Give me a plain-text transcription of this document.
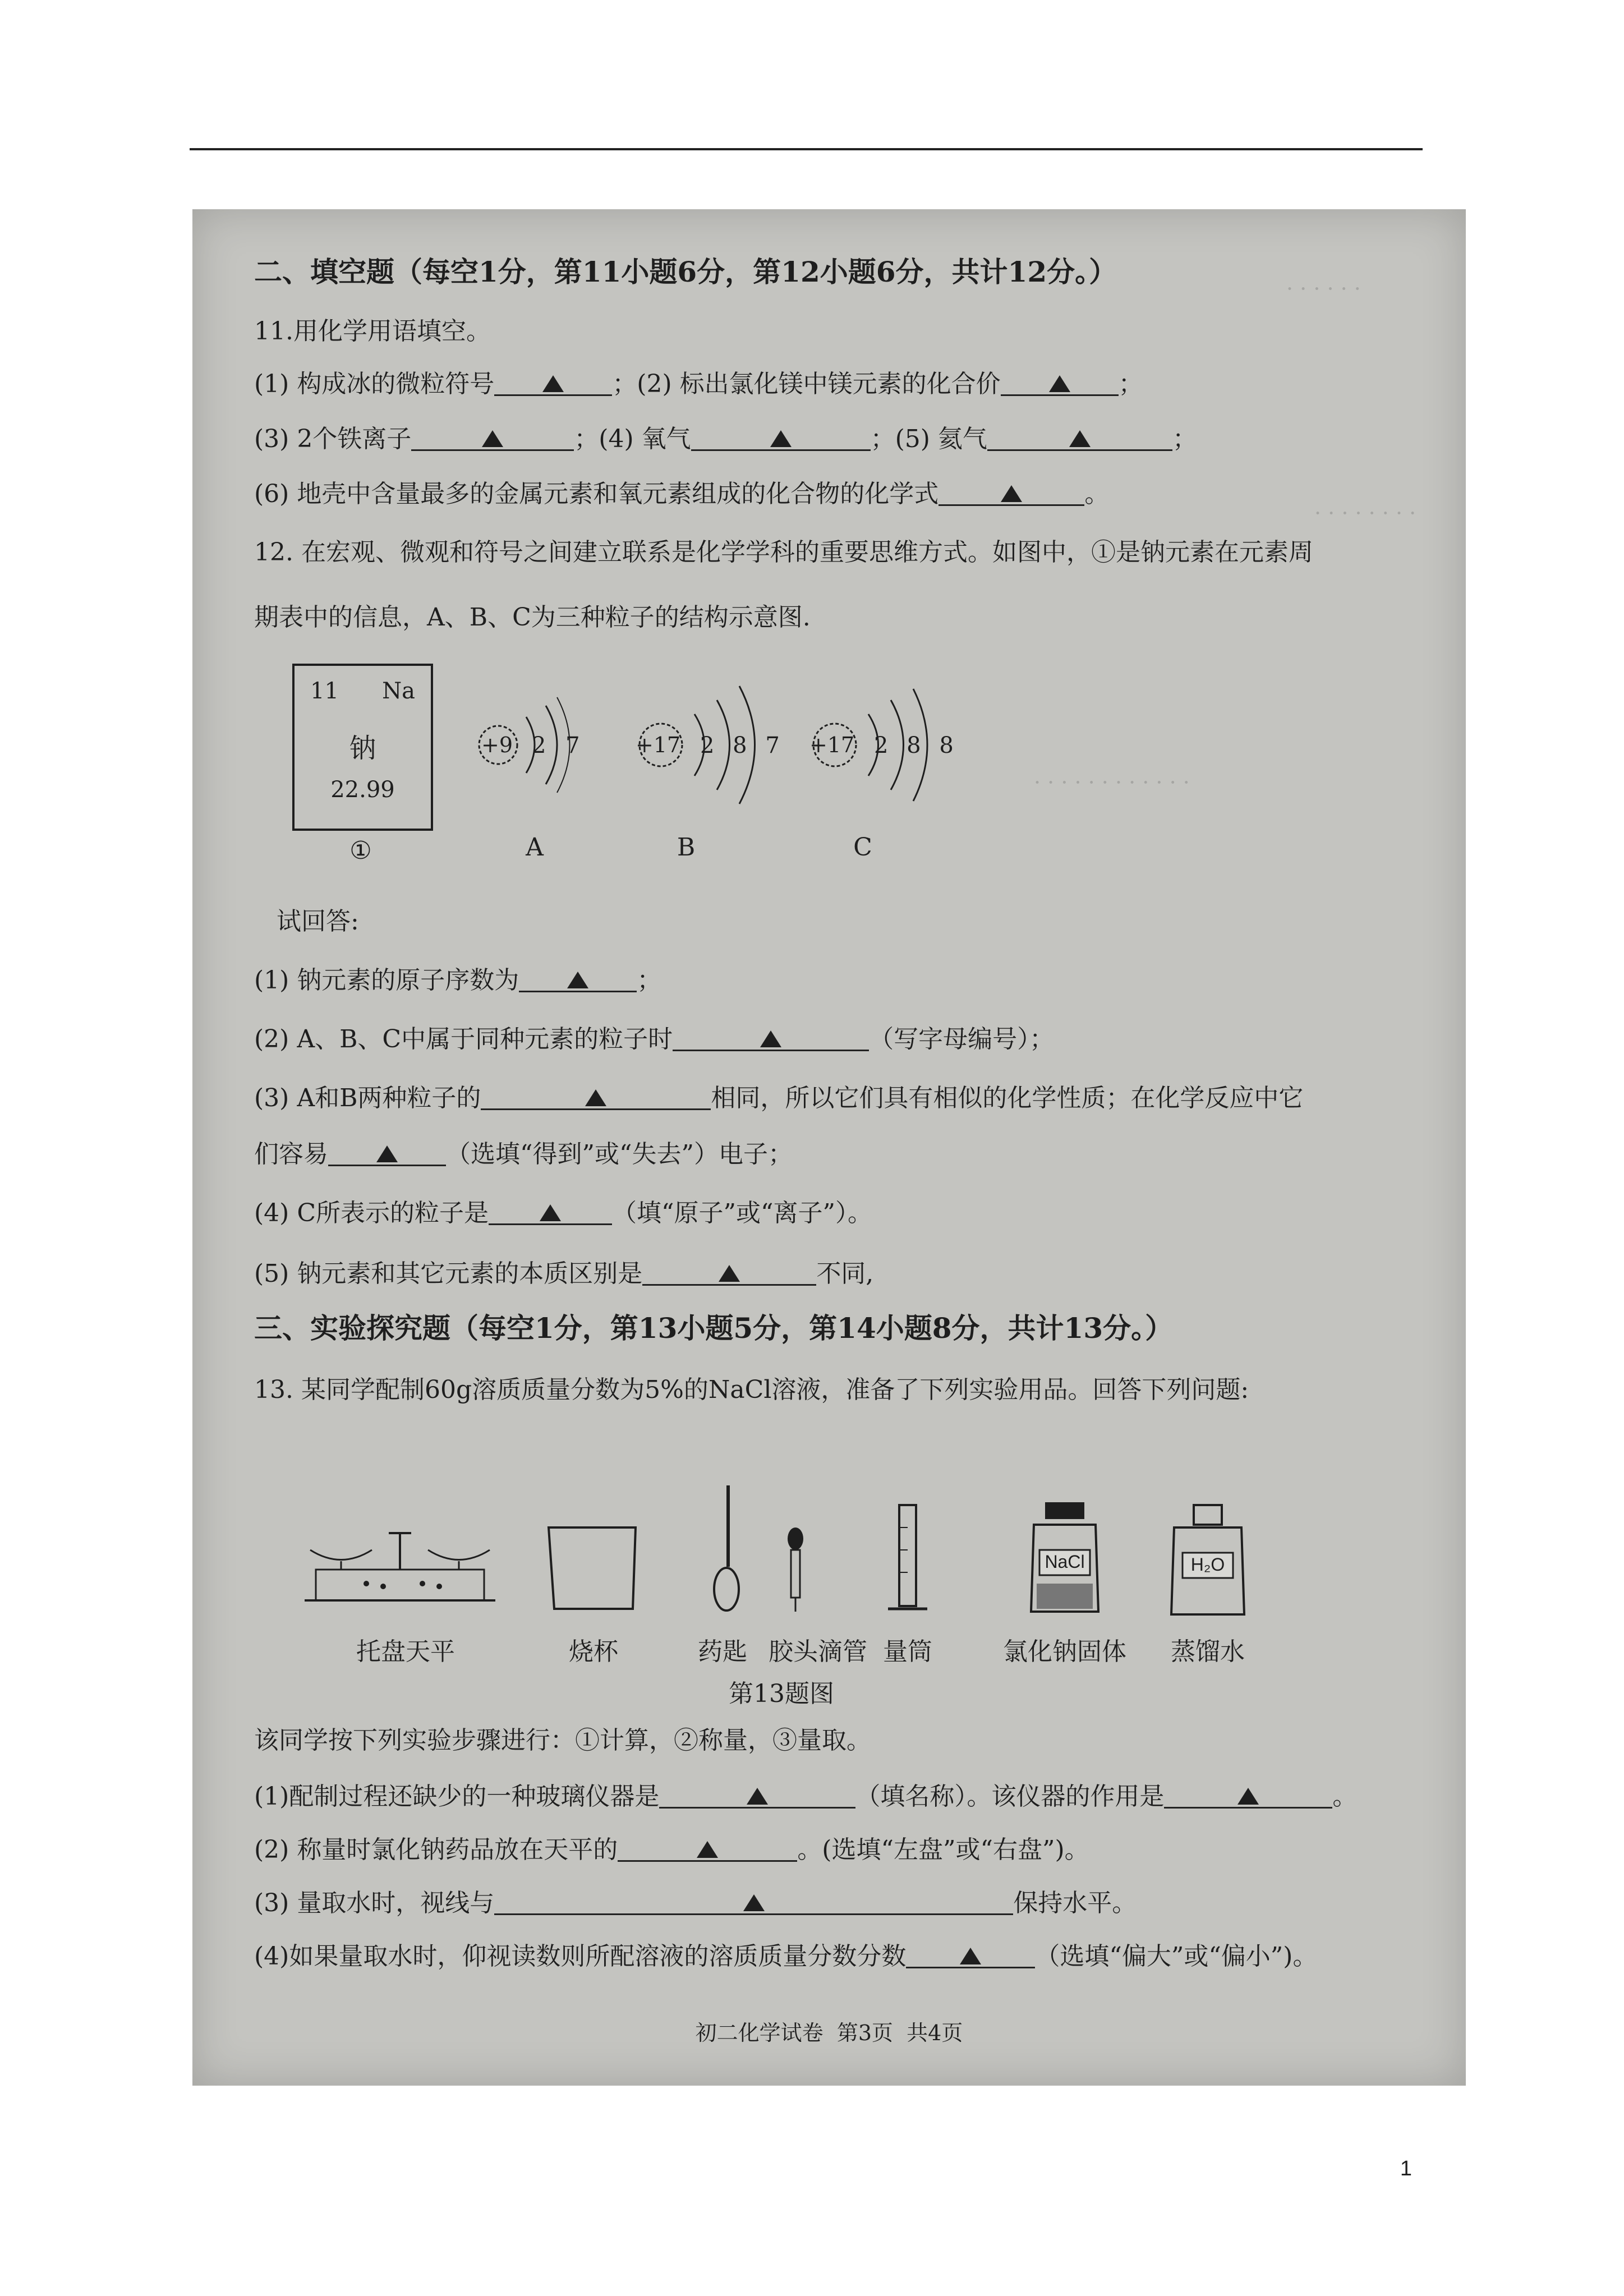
· · · · · ·
· · · · · · · ·
· · · · · · · · · · · ·
二、填空题（每空1分，第11小题6分，第12小题6分，共计12分。）
11.用化学用语填空。
(1) 构成冰的微粒符号	；(2) 标出氯化镁中镁元素的化合价	；
(3) 2个铁离子	；(4) 氧气	；(5) 氦气	；
(6) 地壳中含量最多的金属元素和氧元素组成的化合物的化学式	。
12. 在宏观、微观和符号之间建立联系是化学学科的重要思维方式。如图中，①是钠元素在元素周
期表中的信息，A、B、C为三种粒子的结构示意图.
11 Na
钠
22.99
①
+9 2 7
A
+17 2 8 7
B
+17 2 8 8
C
试回答:
(1) 钠元素的原子序数为	；
(2) A、B、C中属于同种元素的粒子时	（写字母编号）；
(3) A和B两种粒子的	相同，所以它们具有相似的化学性质；在化学反应中它
们容易	（选填“得到”或“失去”）电子；
(4) C所表示的粒子是	（填“原子”或“离子”）。
(5) 钠元素和其它元素的本质区别是	不同,
三、实验探究题（每空1分，第13小题5分，第14小题8分，共计13分。）
13. 某同学配制60g溶质质量分数为5%的NaCl溶液，准备了下列实验用品。回答下列问题:
NaCl	H₂O
托盘天平	烧杯	药匙 胶头滴管 量筒	氯化钠固体	蒸馏水
第13题图
该同学按下列实验步骤进行：①计算，②称量，③量取。
(1)配制过程还缺少的一种玻璃仪器是	（填名称）。该仪器的作用是	。
(2) 称量时氯化钠药品放在天平的	。(选填“左盘”或“右盘”)。
(3) 量取水时，视线与	保持水平。
(4)如果量取水时，仰视读数则所配溶液的溶质质量分数分数	（选填“偏大”或“偏小”)。
初二化学试卷  第3页  共4页
1
